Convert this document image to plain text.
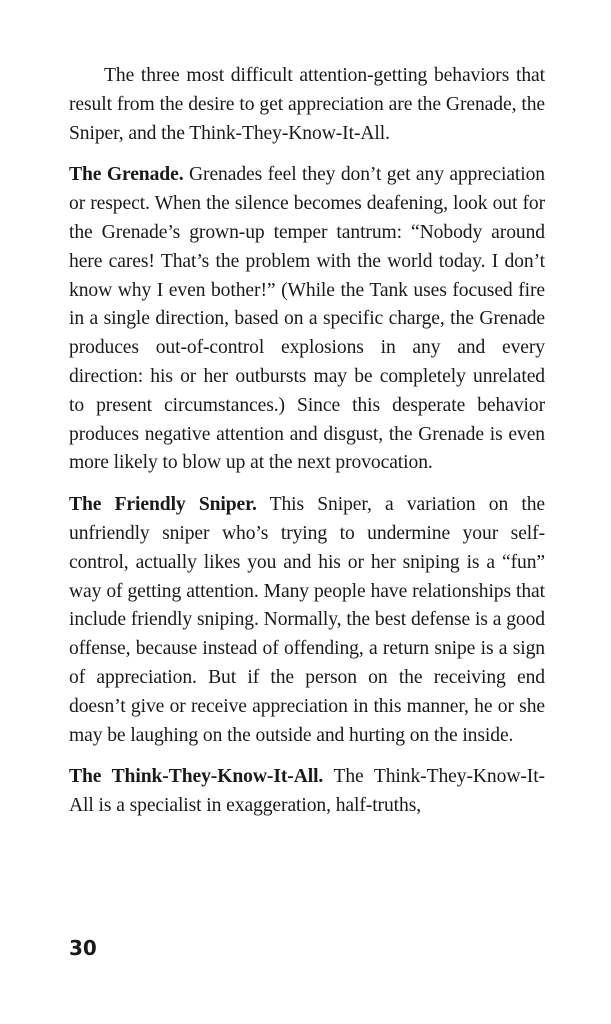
The three most difficult attention-getting behaviors that result from the desire to get appreciation are the Grenade, the Sniper, and the Think-They-Know-It-All.

The Grenade. Grenades feel they don’t get any appreciation or respect. When the silence becomes deafening, look out for the Grenade’s grown-up temper tantrum: “Nobody around here cares! That’s the problem with the world today. I don’t know why I even bother!” (While the Tank uses focused fire in a single direction, based on a specific charge, the Grenade produces out-of-control explosions in any and every direction: his or her outbursts may be completely unrelated to present circumstances.) Since this desperate behavior produces negative attention and disgust, the Grenade is even more likely to blow up at the next provocation.

The Friendly Sniper. This Sniper, a variation on the unfriendly sniper who’s trying to undermine your self-control, actually likes you and his or her sniping is a “fun” way of getting attention. Many people have relationships that include friendly sniping. Normally, the best defense is a good offense, because instead of offending, a return snipe is a sign of appreciation. But if the person on the receiving end doesn’t give or receive appreciation in this manner, he or she may be laughing on the outside and hurting on the inside.

The Think-They-Know-It-All. The Think-They-Know-It-All is a specialist in exaggeration, half-truths,

30
